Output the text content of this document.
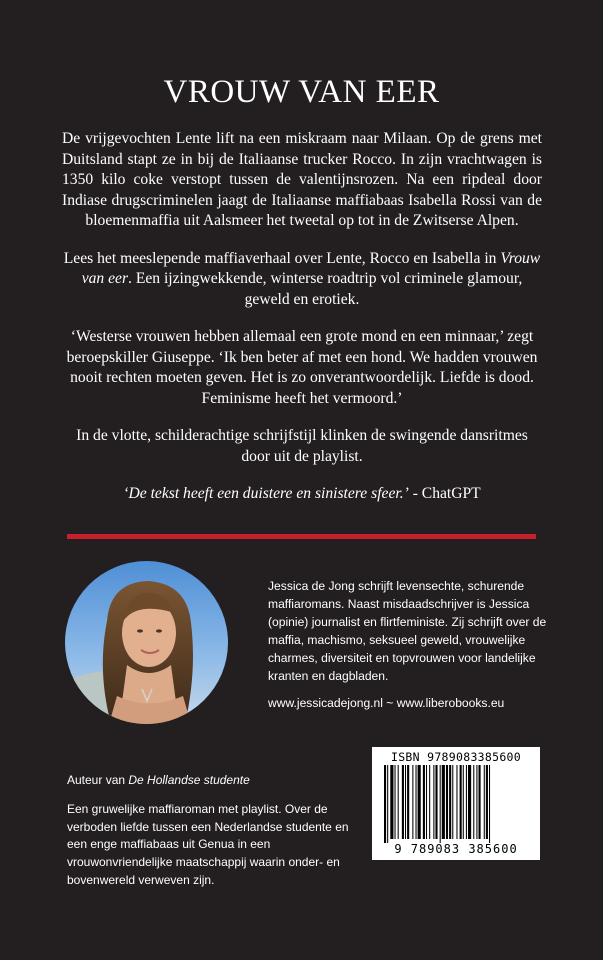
VROUW VAN EER

De vrijgevochten Lente lift na een miskraam naar Milaan. Op de grens met Duitsland stapt ze in bij de Italiaanse trucker Rocco. In zijn vrachtwagen is 1350 kilo coke verstopt tussen de valentijnsrozen. Na een ripdeal door Indiase drugscriminelen jaagt de Italiaanse maffiabaas Isabella Rossi van de bloemenmaffia uit Aalsmeer het tweetal op tot in de Zwitserse Alpen.

Lees het meeslepende maffiaverhaal over Lente, Rocco en Isabella in Vrouw van eer. Een ijzingwekkende, winterse roadtrip vol criminele glamour, geweld en erotiek.

‘Westerse vrouwen hebben allemaal een grote mond en een minnaar,’ zegt beroepskiller Giuseppe. ‘Ik ben beter af met een hond. We hadden vrouwen nooit rechten moeten geven. Het is zo onverantwoordelijk. Liefde is dood. Feminisme heeft het vermoord.’

In de vlotte, schilderachtige schrijfstijl klinken de swingende dansritmes door uit de playlist.

‘De tekst heeft een duistere en sinistere sfeer.’ - ChatGPT

Jessica de Jong schrijft levensechte, schurende maffiaromans. Naast misdaadschrijver is Jessica (opinie) journalist en flirtfeministe. Zij schrijft over de maffia, machismo, seksueel geweld, vrouwelijke charmes, diversiteit en topvrouwen voor landelijke kranten en dagbladen.

www.jessicadejong.nl ~ www.liberobooks.eu
Auteur van De Hollandse studente
Een gruwelijke maffiaroman met playlist. Over de verboden liefde tussen een Nederlandse studente en een enge maffiabaas uit Genua in een vrouwonvriendelijke maatschappij waarin onder- en bovenwereld verweven zijn.
ISBN 9789083385600
9 789083 385600
